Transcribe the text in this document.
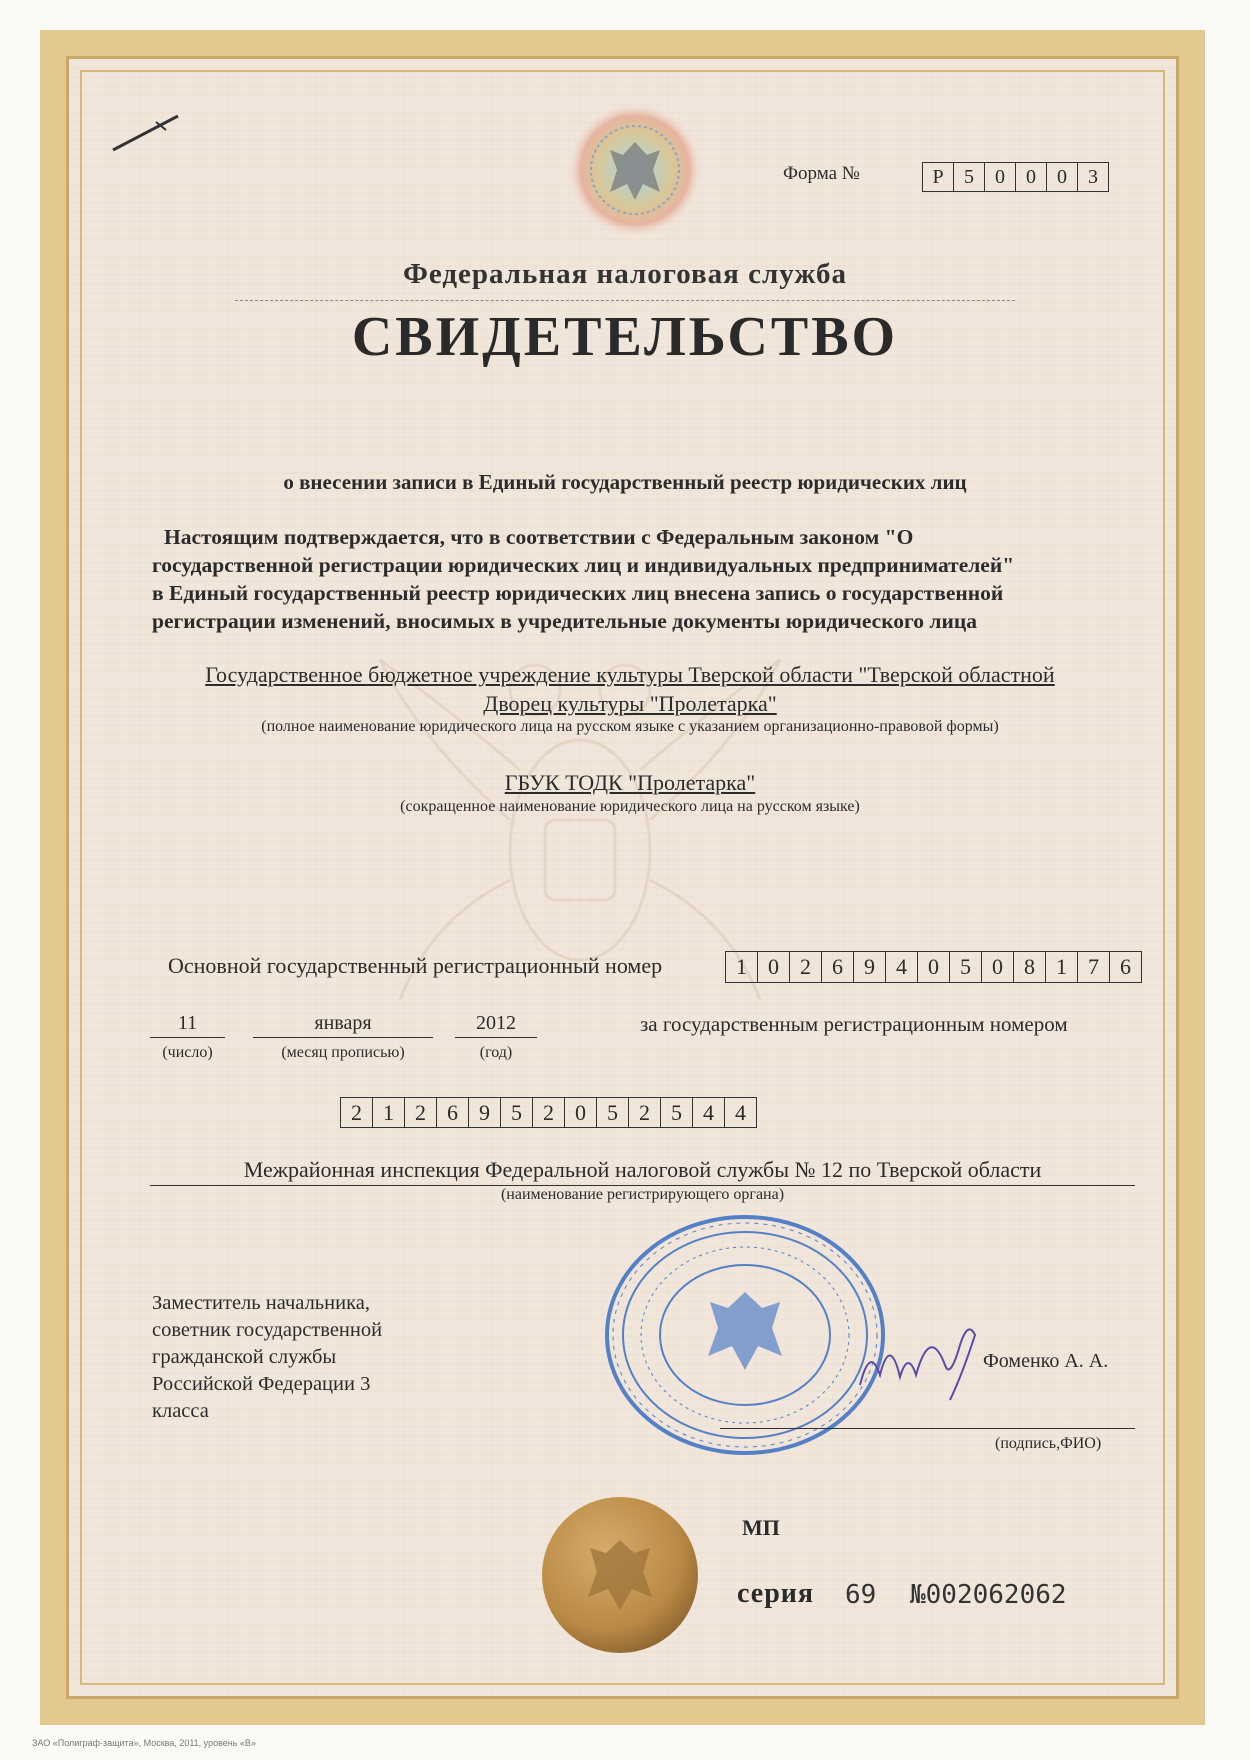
Форма №	Р	5	0	0	0	3
Федеральная налоговая служба
СВИДЕТЕЛЬСТВО
о внесении записи в Единый государственный реестр юридических лиц
Настоящим подтверждается, что в соответствии с Федеральным законом "О
государственной регистрации юридических лиц и индивидуальных предпринимателей"
в Единый государственный реестр юридических лиц внесена запись о государственной
регистрации изменений, вносимых в учредительные документы юридического лица
Государственное бюджетное учреждение культуры Тверской области "Тверской областной
Дворец культуры "Пролетарка"
(полное наименование юридического лица на русском языке с указанием организационно-правовой формы)
ГБУК ТОДК "Пролетарка"
(сокращенное наименование юридического лица на русском языке)
Основной государственный регистрационный номер	1 0 2 6 9 4 0 5 0 8 1 7 6
11
(число)
января
(месяц прописью)
2012
(год)
за государственным регистрационным номером
2 1 2 6 9 5 2 0 5 2 5 4 4
Межрайонная инспекция Федеральной налоговой службы № 12 по Тверской области
(наименование регистрирующего органа)
Заместитель начальника,
советник государственной
гражданской службы
Российской Федерации 3
класса
Фоменко А. А.
(подпись,ФИО)
МП
серия 69 №002062062
ЗАО «Полиграф-защита», Москва, 2011, уровень «В»
